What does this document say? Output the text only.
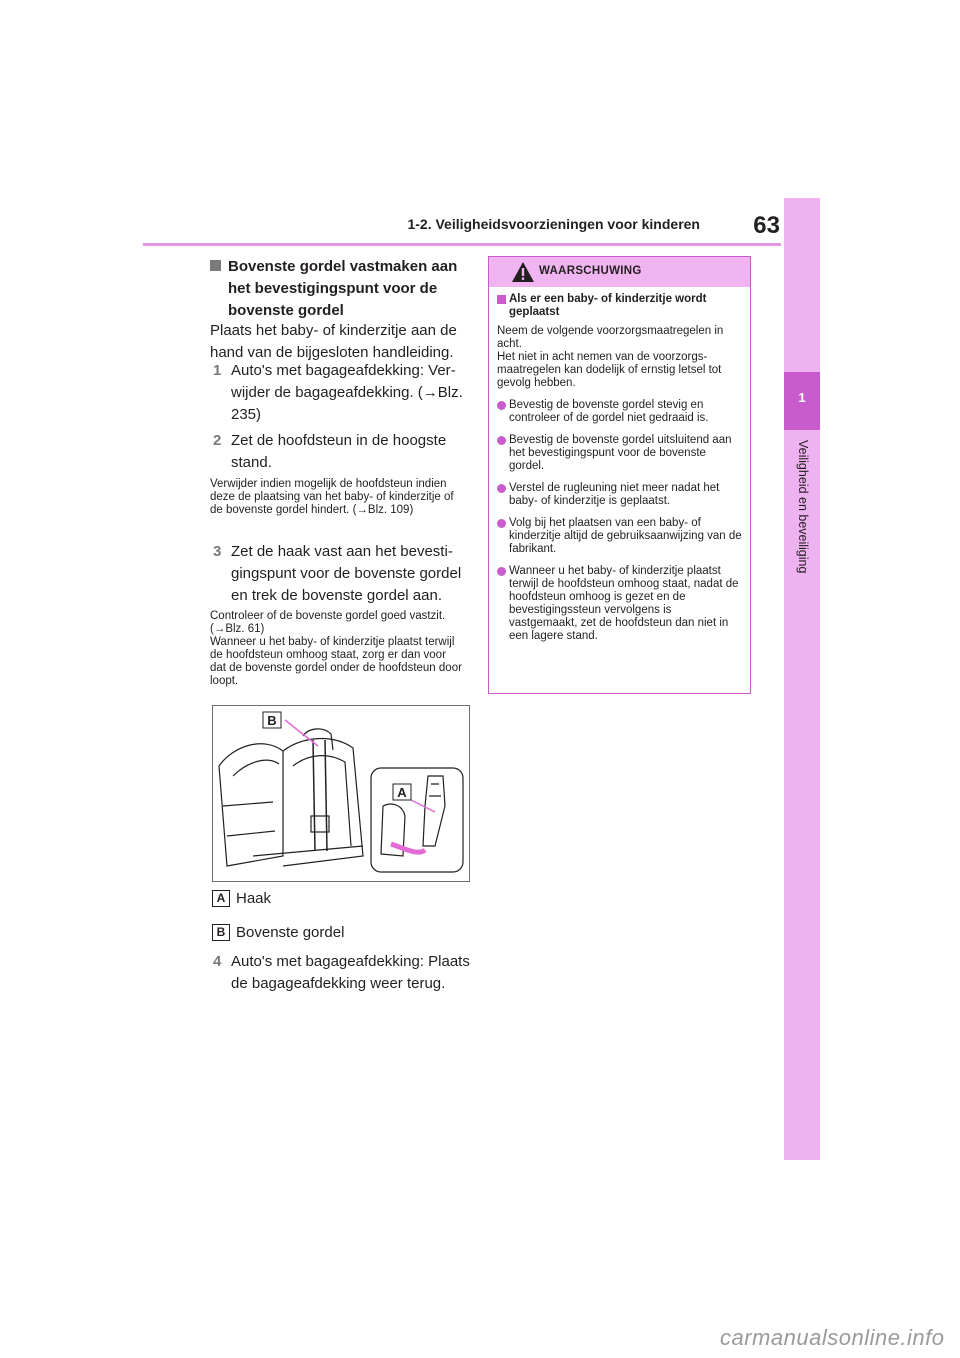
1-2. Veiligheidsvoorzieningen voor kinderen	63
1
Veiligheid en beveiliging
Bovenste gordel vastmaken aan het bevestigingspunt voor de bovenste gordel
Plaats het baby- of kinderzitje aan de hand van de bijgesloten handleiding.
1 Auto's met bagageafdekking: Verwijder de bagageafdekking. (→Blz. 235)
2 Zet de hoofdsteun in de hoogste stand.
Verwijder indien mogelijk de hoofdsteun indien deze de plaatsing van het baby- of kinderzitje of de bovenste gordel hindert. (→Blz. 109)
3 Zet de haak vast aan het bevestigingspunt voor de bovenste gordel en trek de bovenste gordel aan.
Controleer of de bovenste gordel goed vastzit. (→Blz. 61)
Wanneer u het baby- of kinderzitje plaatst terwijl de hoofdsteun omhoog staat, zorg er dan voor dat de bovenste gordel onder de hoofdsteun door loopt.
B
A
A Haak
B Bovenste gordel
4 Auto's met bagageafdekking: Plaats de bagageafdekking weer terug.
WAARSCHUWING
Als er een baby- of kinderzitje wordt geplaatst
Neem de volgende voorzorgsmaatregelen in acht.
Het niet in acht nemen van de voorzorgsmaatregelen kan dodelijk of ernstig letsel tot gevolg hebben.
Bevestig de bovenste gordel stevig en controleer of de gordel niet gedraaid is.
Bevestig de bovenste gordel uitsluitend aan het bevestigingspunt voor de bovenste gordel.
Verstel de rugleuning niet meer nadat het baby- of kinderzitje is geplaatst.
Volg bij het plaatsen van een baby- of kinderzitje altijd de gebruiksaanwijzing van de fabrikant.
Wanneer u het baby- of kinderzitje plaatst terwijl de hoofdsteun omhoog staat, nadat de hoofdsteun omhoog is gezet en de bevestigingssteun vervolgens is vastgemaakt, zet de hoofdsteun dan niet in een lagere stand.
carmanualsonline.info
